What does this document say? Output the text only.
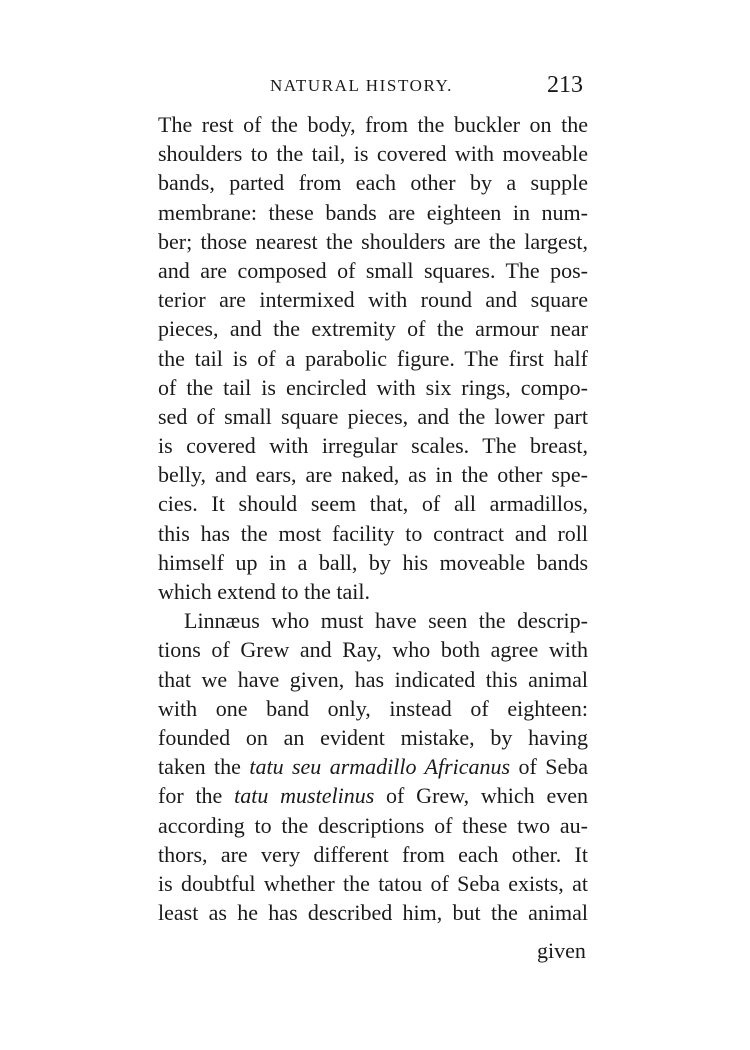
NATURAL HISTORY.	213
The rest of the body, from the buckler on the
shoulders to the tail, is covered with moveable
bands, parted from each other by a supple
membrane: these bands are eighteen in num-
ber; those nearest the shoulders are the largest,
and are composed of small squares. The pos-
terior are intermixed with round and square
pieces, and the extremity of the armour near
the tail is of a parabolic figure. The first half
of the tail is encircled with six rings, compo-
sed of small square pieces, and the lower part
is covered with irregular scales. The breast,
belly, and ears, are naked, as in the other spe-
cies. It should seem that, of all armadillos,
this has the most facility to contract and roll
himself up in a ball, by his moveable bands
which extend to the tail.
Linnæus who must have seen the descrip-
tions of Grew and Ray, who both agree with
that we have given, has indicated this animal
with one band only, instead of eighteen:
founded on an evident mistake, by having
taken the tatu seu armadillo Africanus of Seba
for the tatu mustelinus of Grew, which even
according to the descriptions of these two au-
thors, are very different from each other. It
is doubtful whether the tatou of Seba exists, at
least as he has described him, but the animal
given
